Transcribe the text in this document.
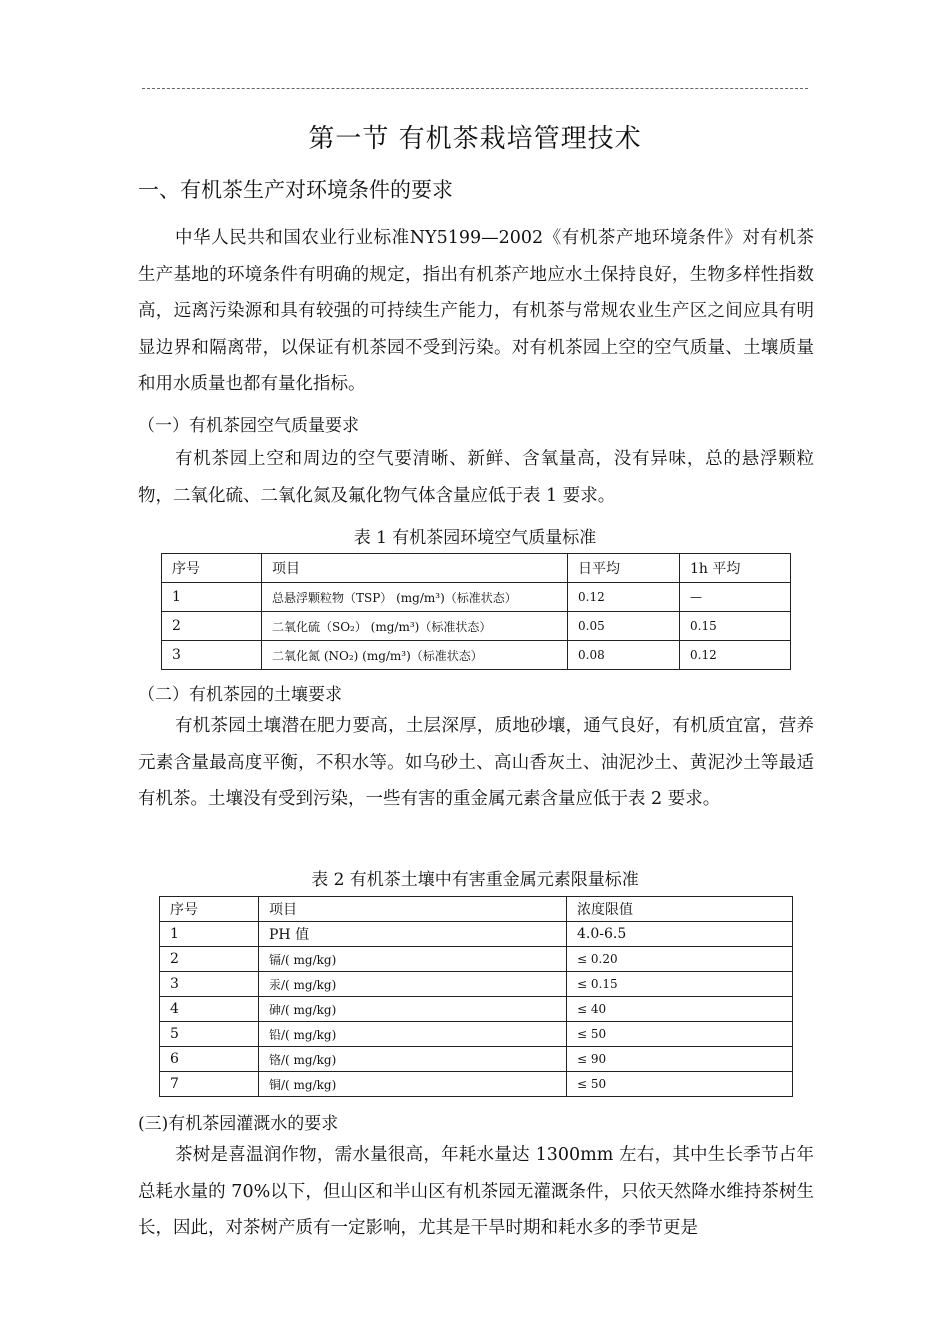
第一节 有机茶栽培管理技术
一、有机茶生产对环境条件的要求

中华人民共和国农业行业标准NY5199—2002《有机茶产地环境条件》对有机茶生产基地的环境条件有明确的规定，指出有机茶产地应水土保持良好，生物多样性指数高，远离污染源和具有较强的可持续生产能力，有机茶与常规农业生产区之间应具有明显边界和隔离带，以保证有机茶园不受到污染。对有机茶园上空的空气质量、土壤质量和用水质量也都有量化指标。

（一）有机茶园空气质量要求

有机茶园上空和周边的空气要清晰、新鲜、含氧量高，没有异味，总的悬浮颗粒物，二氧化硫、二氧化氮及氟化物气体含量应低于表 1 要求。

表 1 有机茶园环境空气质量标准
序号	项目	日平均	1h 平均
1	总悬浮颗粒物（TSP） (mg/m³)（标准状态）	0.12	—
2	二氧化硫（SO₂） (mg/m³)（标准状态）	0.05	0.15
3	二氧化氮 (NO₂) (mg/m³)（标准状态）	0.08	0.12
（二）有机茶园的土壤要求

有机茶园土壤潜在肥力要高，土层深厚，质地砂壤，通气良好，有机质宜富，营养元素含量最高度平衡，不积水等。如乌砂土、高山香灰土、油泥沙土、黄泥沙土等最适有机茶。土壤没有受到污染，一些有害的重金属元素含量应低于表 2 要求。

表 2 有机茶土壤中有害重金属元素限量标准
序号	项目	浓度限值
1	PH 值	4.0-6.5
2	镉/( mg/kg)	≤ 0.20
3	汞/( mg/kg)	≤ 0.15
4	砷/( mg/kg)	≤ 40
5	铅/( mg/kg)	≤ 50
6	铬/( mg/kg)	≤ 90
7	铜/( mg/kg)	≤ 50
(三)有机茶园灌溉水的要求

茶树是喜温润作物，需水量很高，年耗水量达 1300mm 左右，其中生长季节占年总耗水量的 70%以下，但山区和半山区有机茶园无灌溉条件，只依天然降水维持茶树生长，因此，对茶树产质有一定影响，尤其是干旱时期和耗水多的季节更是
